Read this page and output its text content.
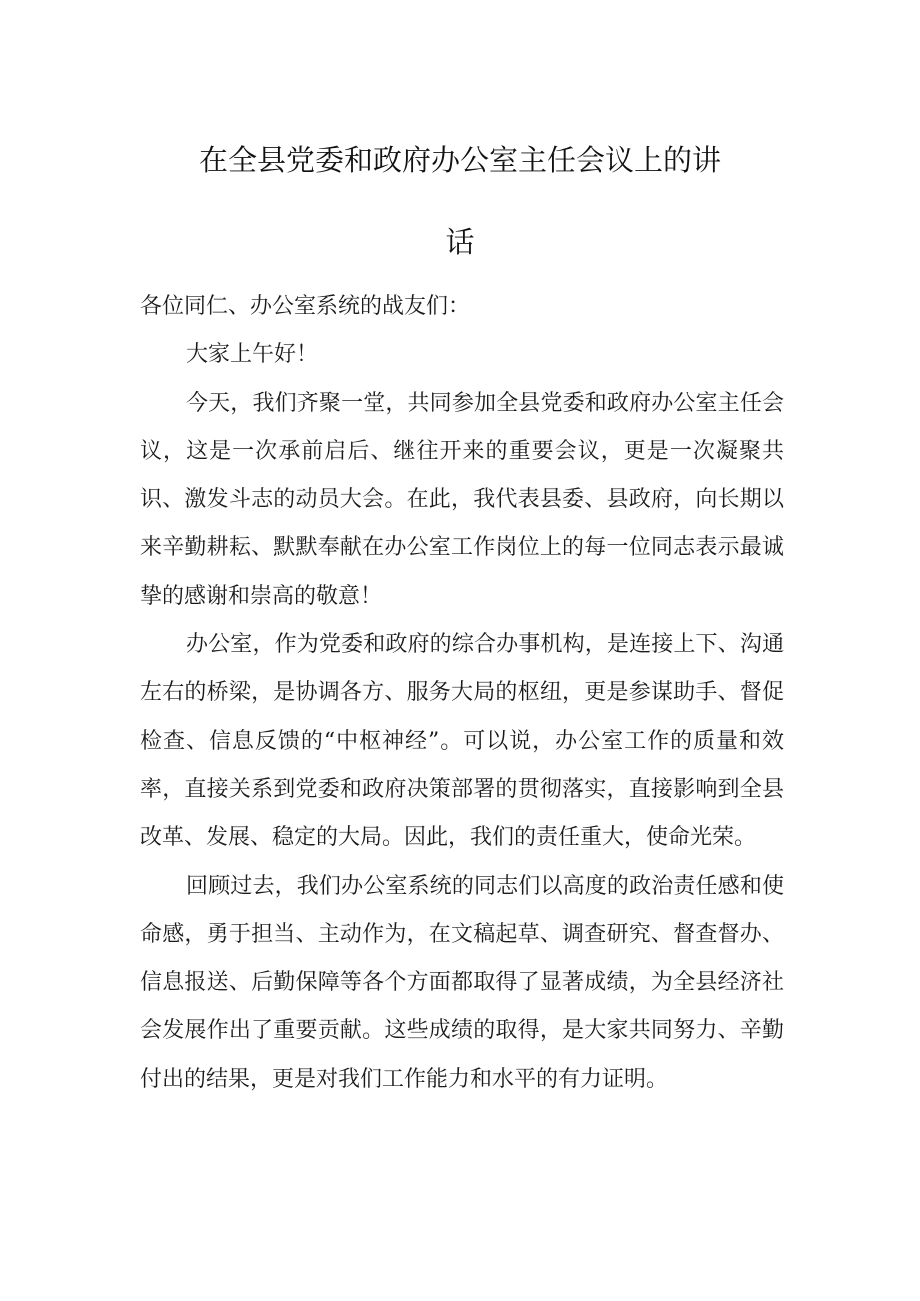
在全县党委和政府办公室主任会议上的讲
话

各位同仁、办公室系统的战友们：

大家上午好！

今天，我们齐聚一堂，共同参加全县党委和政府办公室主任会议，这是一次承前启后、继往开来的重要会议，更是一次凝聚共识、激发斗志的动员大会。在此，我代表县委、县政府，向长期以来辛勤耕耘、默默奉献在办公室工作岗位上的每一位同志表示最诚挚的感谢和崇高的敬意！

办公室，作为党委和政府的综合办事机构，是连接上下、沟通左右的桥梁，是协调各方、服务大局的枢纽，更是参谋助手、督促检查、信息反馈的“中枢神经”。可以说，办公室工作的质量和效率，直接关系到党委和政府决策部署的贯彻落实，直接影响到全县改革、发展、稳定的大局。因此，我们的责任重大，使命光荣。

回顾过去，我们办公室系统的同志们以高度的政治责任感和使命感，勇于担当、主动作为，在文稿起草、调查研究、督查督办、信息报送、后勤保障等各个方面都取得了显著成绩，为全县经济社会发展作出了重要贡献。这些成绩的取得，是大家共同努力、辛勤付出的结果，更是对我们工作能力和水平的有力证明。
